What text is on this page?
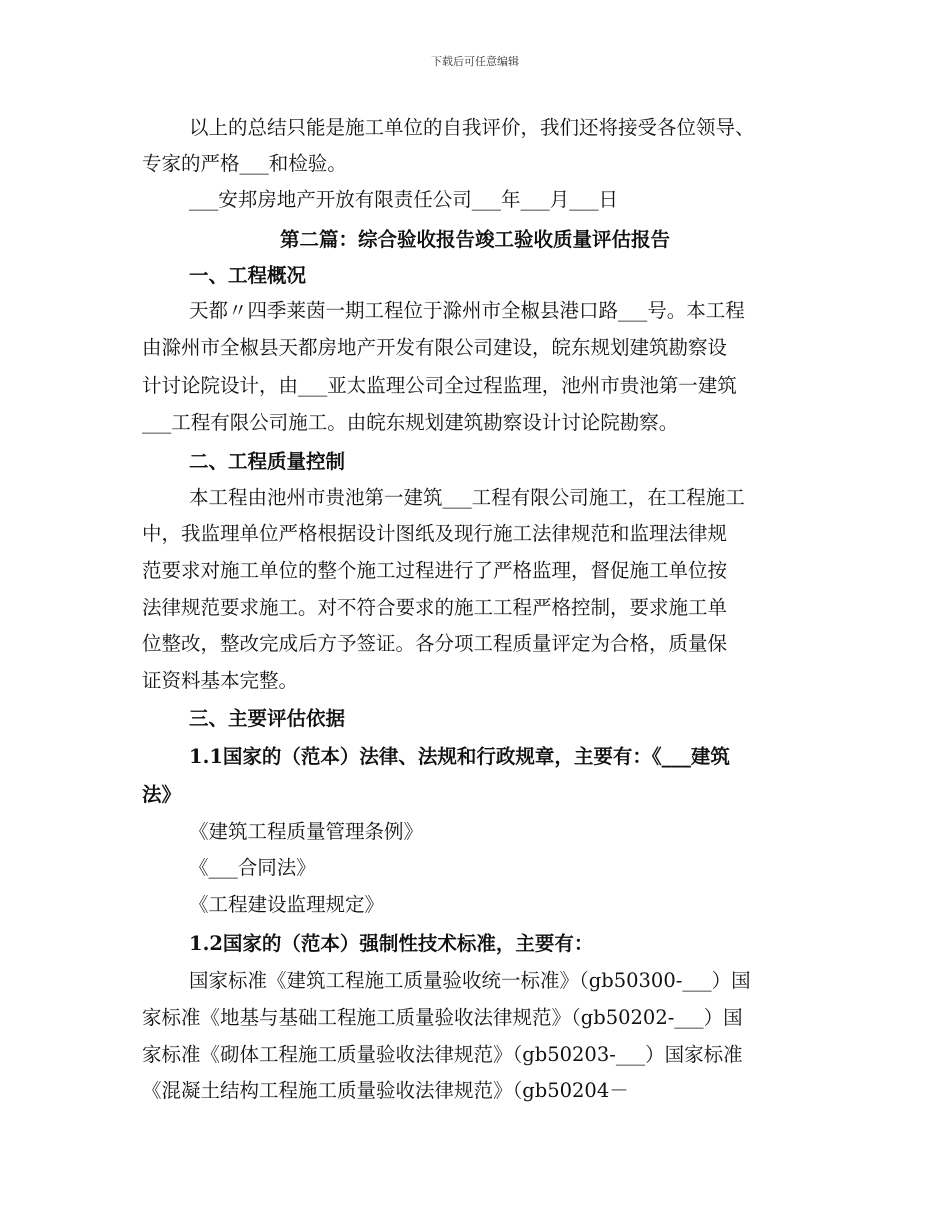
下载后可任意编辑
以上的总结只能是施工单位的自我评价，我们还将接受各位领导、
专家的严格___和检验。
___安邦房地产开放有限责任公司___年___月___日
第二篇：综合验收报告竣工验收质量评估报告
一、工程概况
天都〃四季莱茵一期工程位于滁州市全椒县港口路___号。本工程
由滁州市全椒县天都房地产开发有限公司建设，皖东规划建筑勘察设
计讨论院设计，由___亚太监理公司全过程监理，池州市贵池第一建筑
___工程有限公司施工。由皖东规划建筑勘察设计讨论院勘察。
二、工程质量控制
本工程由池州市贵池第一建筑___工程有限公司施工，在工程施工
中，我监理单位严格根据设计图纸及现行施工法律规范和监理法律规
范要求对施工单位的整个施工过程进行了严格监理，督促施工单位按
法律规范要求施工。对不符合要求的施工工程严格控制，要求施工单
位整改，整改完成后方予签证。各分项工程质量评定为合格，质量保
证资料基本完整。
三、主要评估依据
1.1国家的（范本）法律、法规和行政规章，主要有：《___建筑
法》
《建筑工程质量管理条例》
《___合同法》
《工程建设监理规定》
1.2国家的（范本）强制性技术标准，主要有：
国家标准《建筑工程施工质量验收统一标准》（gb50300-___）国
家标准《地基与基础工程施工质量验收法律规范》（gb50202-___）国
家标准《砌体工程施工质量验收法律规范》（gb50203-___）国家标准
《混凝土结构工程施工质量验收法律规范》（gb50204－
